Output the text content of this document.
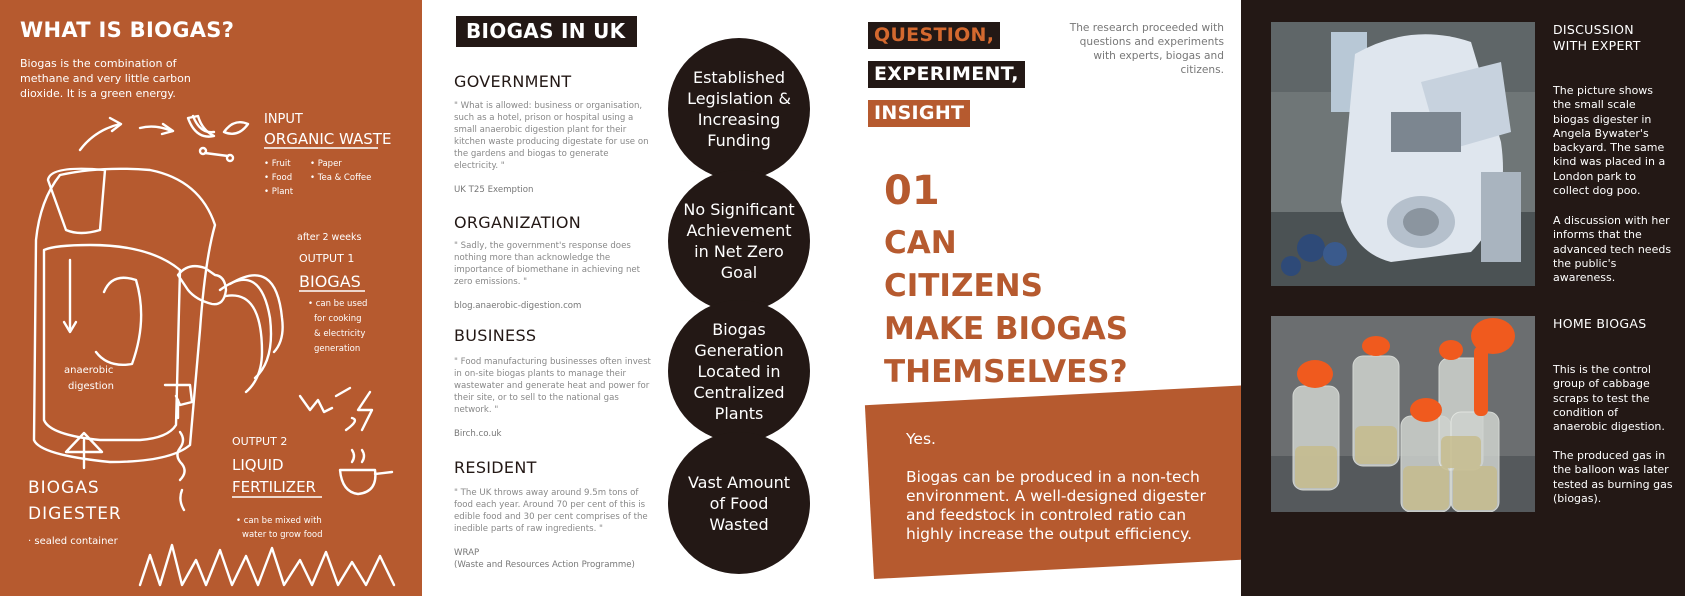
WHAT IS BIOGAS?
Biogas is the combination of methane and very little carbon dioxide. It is a green energy.
INPUT
ORGANIC WASTE
• Fruit • Paper
• Food • Tea & Coffee
• Plant
after 2 weeks
OUTPUT 1
BIOGAS
• can be used
for cooking
& electricity
generation
anaerobic
digestion
BIOGAS
DIGESTER
· sealed container
OUTPUT 2
LIQUID
FERTILIZER
• can be mixed with
water to grow food
BIOGAS IN UK
GOVERNMENT
" What is allowed: business or organisation, such as a hotel, prison or hospital using a small anaerobic digestion plant for their kitchen waste producing digestate for use on the gardens and biogas to generate electricity. "
UK T25 Exemption
ORGANIZATION
" Sadly, the government's response does nothing more than acknowledge the importance of biomethane in achieving net zero emissions. "
blog.anaerobic-digestion.com
BUSINESS
" Food manufacturing businesses often invest in on-site biogas plants to manage their wastewater and generate heat and power for their site, or to sell to the national gas network. "
Birch.co.uk
RESIDENT
" The UK throws away around 9.5m tons of food each year. Around 70 per cent of this is edible food and 30 per cent comprises of the inedible parts of raw ingredients. "
WRAP
(Waste and Resources Action Programme)
Established Legislation & Increasing Funding
No Significant Achievement in Net Zero Goal
Biogas Generation Located in Centralized Plants
Vast Amount of Food Wasted
QUESTION,
EXPERIMENT,
INSIGHT
The research proceeded with questions and experiments with experts, biogas and citizens.
01
CAN
CITIZENS
MAKE BIOGAS
THEMSELVES?

Yes.

Biogas can be produced in a non-tech environment. A well-designed digester and feedstock in controled ratio can highly increase the output efficiency.

DISCUSSION WITH EXPERT
The picture shows the small scale biogas digester in Angela Bywater's backyard. The same kind was placed in a London park to collect dog poo.
A discussion with her informs that the advanced tech needs the public's awareness.
HOME BIOGAS
This is the control group of cabbage scraps to test the condition of anaerobic digestion.
The produced gas in the balloon was later tested as burning gas (biogas).
